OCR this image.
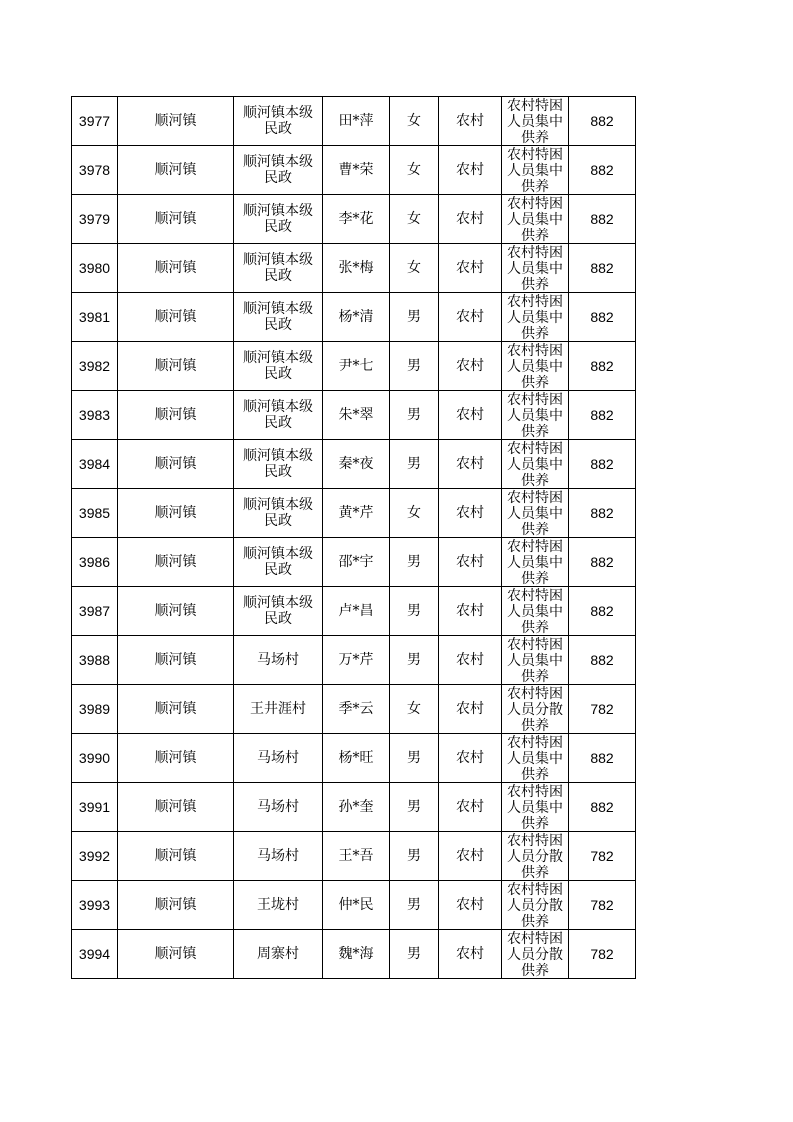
3977	顺河镇	顺河镇本级民政	田*萍	女	农村	农村特困人员集中供养	882
3978	顺河镇	顺河镇本级民政	曹*荣	女	农村	农村特困人员集中供养	882
3979	顺河镇	顺河镇本级民政	李*花	女	农村	农村特困人员集中供养	882
3980	顺河镇	顺河镇本级民政	张*梅	女	农村	农村特困人员集中供养	882
3981	顺河镇	顺河镇本级民政	杨*清	男	农村	农村特困人员集中供养	882
3982	顺河镇	顺河镇本级民政	尹*七	男	农村	农村特困人员集中供养	882
3983	顺河镇	顺河镇本级民政	朱*翠	男	农村	农村特困人员集中供养	882
3984	顺河镇	顺河镇本级民政	秦*夜	男	农村	农村特困人员集中供养	882
3985	顺河镇	顺河镇本级民政	黄*芹	女	农村	农村特困人员集中供养	882
3986	顺河镇	顺河镇本级民政	邵*宇	男	农村	农村特困人员集中供养	882
3987	顺河镇	顺河镇本级民政	卢*昌	男	农村	农村特困人员集中供养	882
3988	顺河镇	马场村	万*芹	男	农村	农村特困人员集中供养	882
3989	顺河镇	王井涯村	季*云	女	农村	农村特困人员分散供养	782
3990	顺河镇	马场村	杨*旺	男	农村	农村特困人员集中供养	882
3991	顺河镇	马场村	孙*奎	男	农村	农村特困人员集中供养	882
3992	顺河镇	马场村	王*吾	男	农村	农村特困人员分散供养	782
3993	顺河镇	王垅村	仲*民	男	农村	农村特困人员分散供养	782
3994	顺河镇	周寨村	魏*海	男	农村	农村特困人员分散供养	782
